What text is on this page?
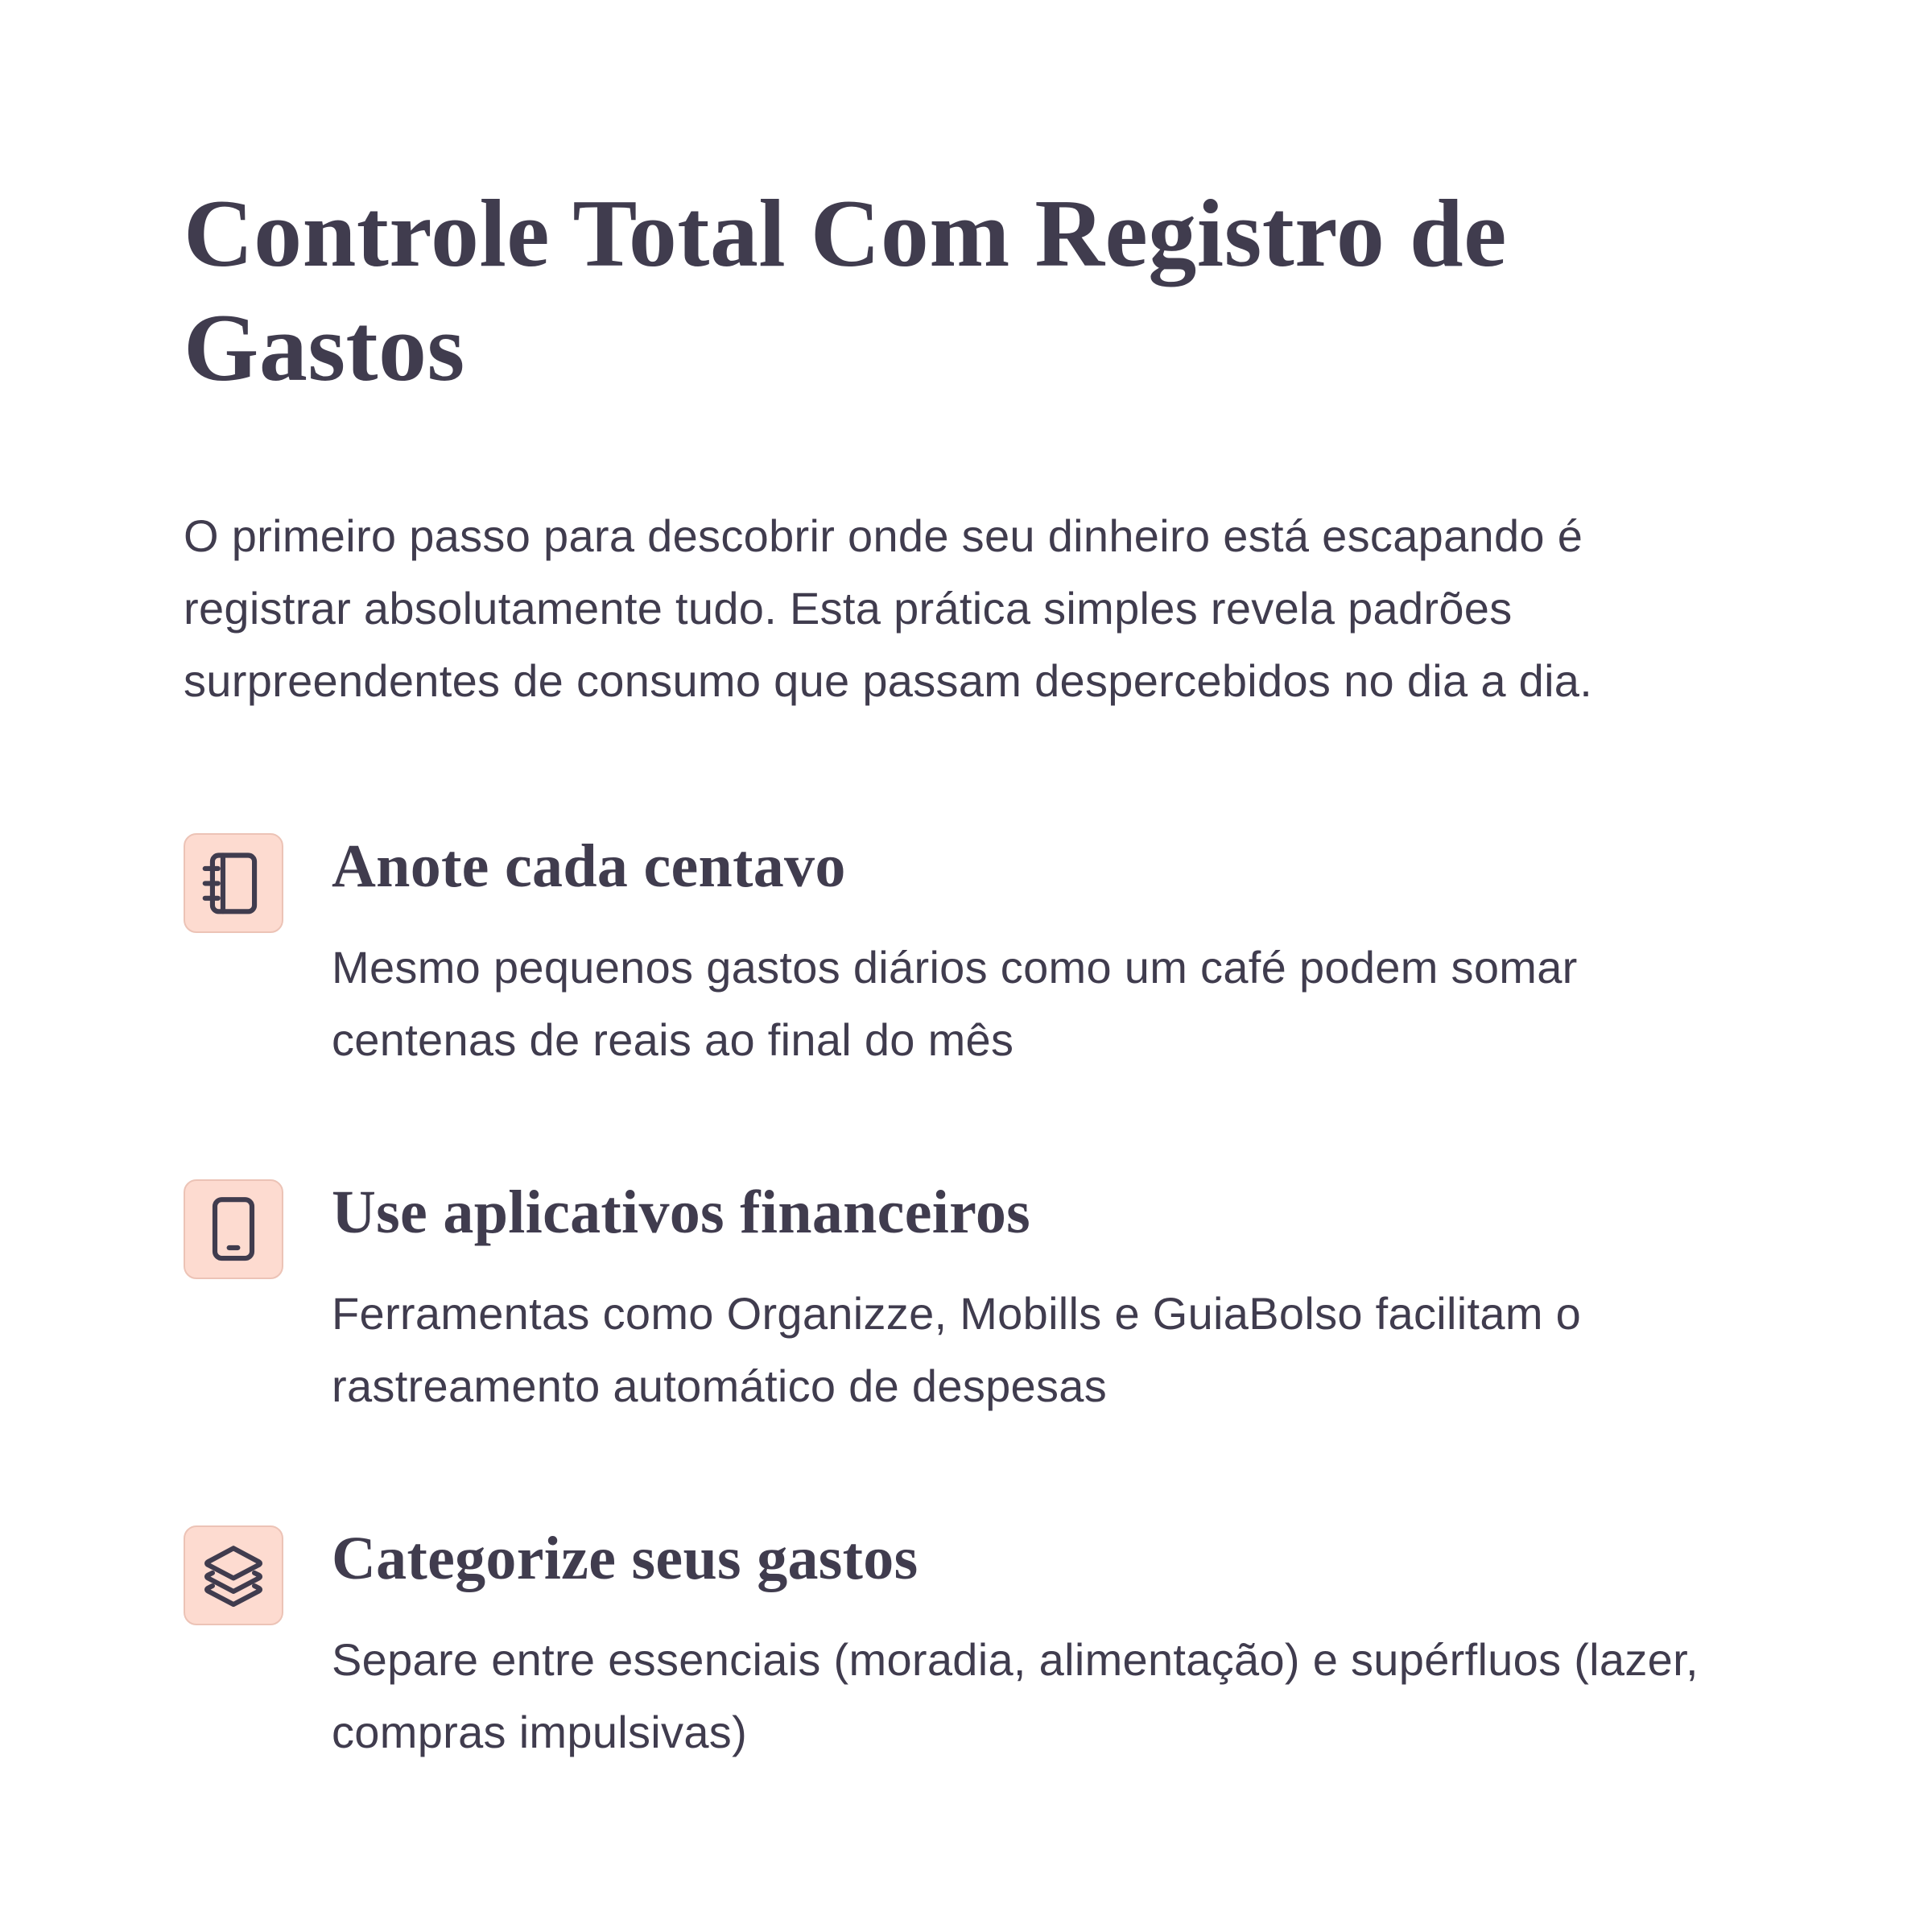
Controle Total Com Registro de Gastos

O primeiro passo para descobrir onde seu dinheiro está escapando é registrar absolutamente tudo. Esta prática simples revela padrões surpreendentes de consumo que passam despercebidos no dia a dia.

Anote cada centavo

Mesmo pequenos gastos diários como um café podem somar centenas de reais ao final do mês

Use aplicativos financeiros

Ferramentas como Organizze, Mobills e GuiaBolso facilitam o rastreamento automático de despesas

Categorize seus gastos

Separe entre essenciais (moradia, alimentação) e supérfluos (lazer, compras impulsivas)
